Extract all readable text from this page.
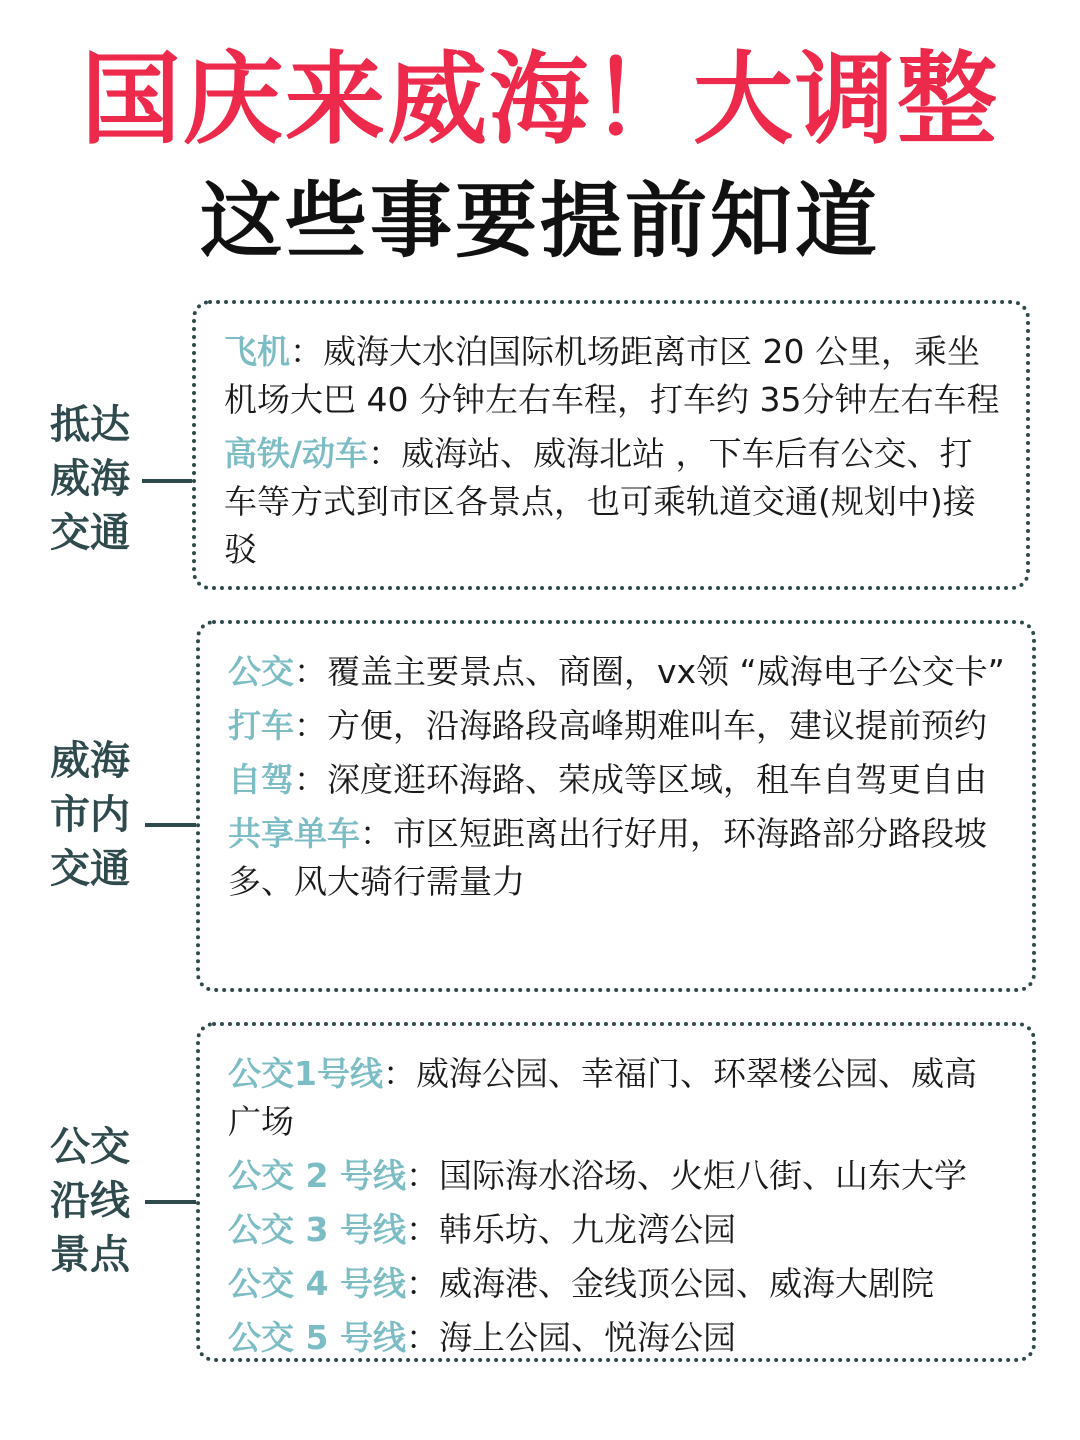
国庆来威海！大调整
这些事要提前知道
抵达
威海
交通
飞机：威海大水泊国际机场距离市区 20 公里，乘坐机场大巴 40 分钟左右车程，打车约 35分钟左右车程
高铁/动车：威海站、威海北站 ，下车后有公交、打车等方式到市区各景点，也可乘轨道交通(规划中)接驳
威海
市内
交通
公交：覆盖主要景点、商圈，vx领 “威海电子公交卡”
打车：方便，沿海路段高峰期难叫车，建议提前预约
自驾：深度逛环海路、荣成等区域，租车自驾更自由
共享单车：市区短距离出行好用，环海路部分路段坡多、风大骑行需量力
公交
沿线
景点
公交1号线：威海公园、幸福门、环翠楼公园、威高广场
公交 2 号线：国际海水浴场、火炬八街、山东大学
公交 3 号线：韩乐坊、九龙湾公园
公交 4 号线：威海港、金线顶公园、威海大剧院
公交 5 号线：海上公园、悦海公园
